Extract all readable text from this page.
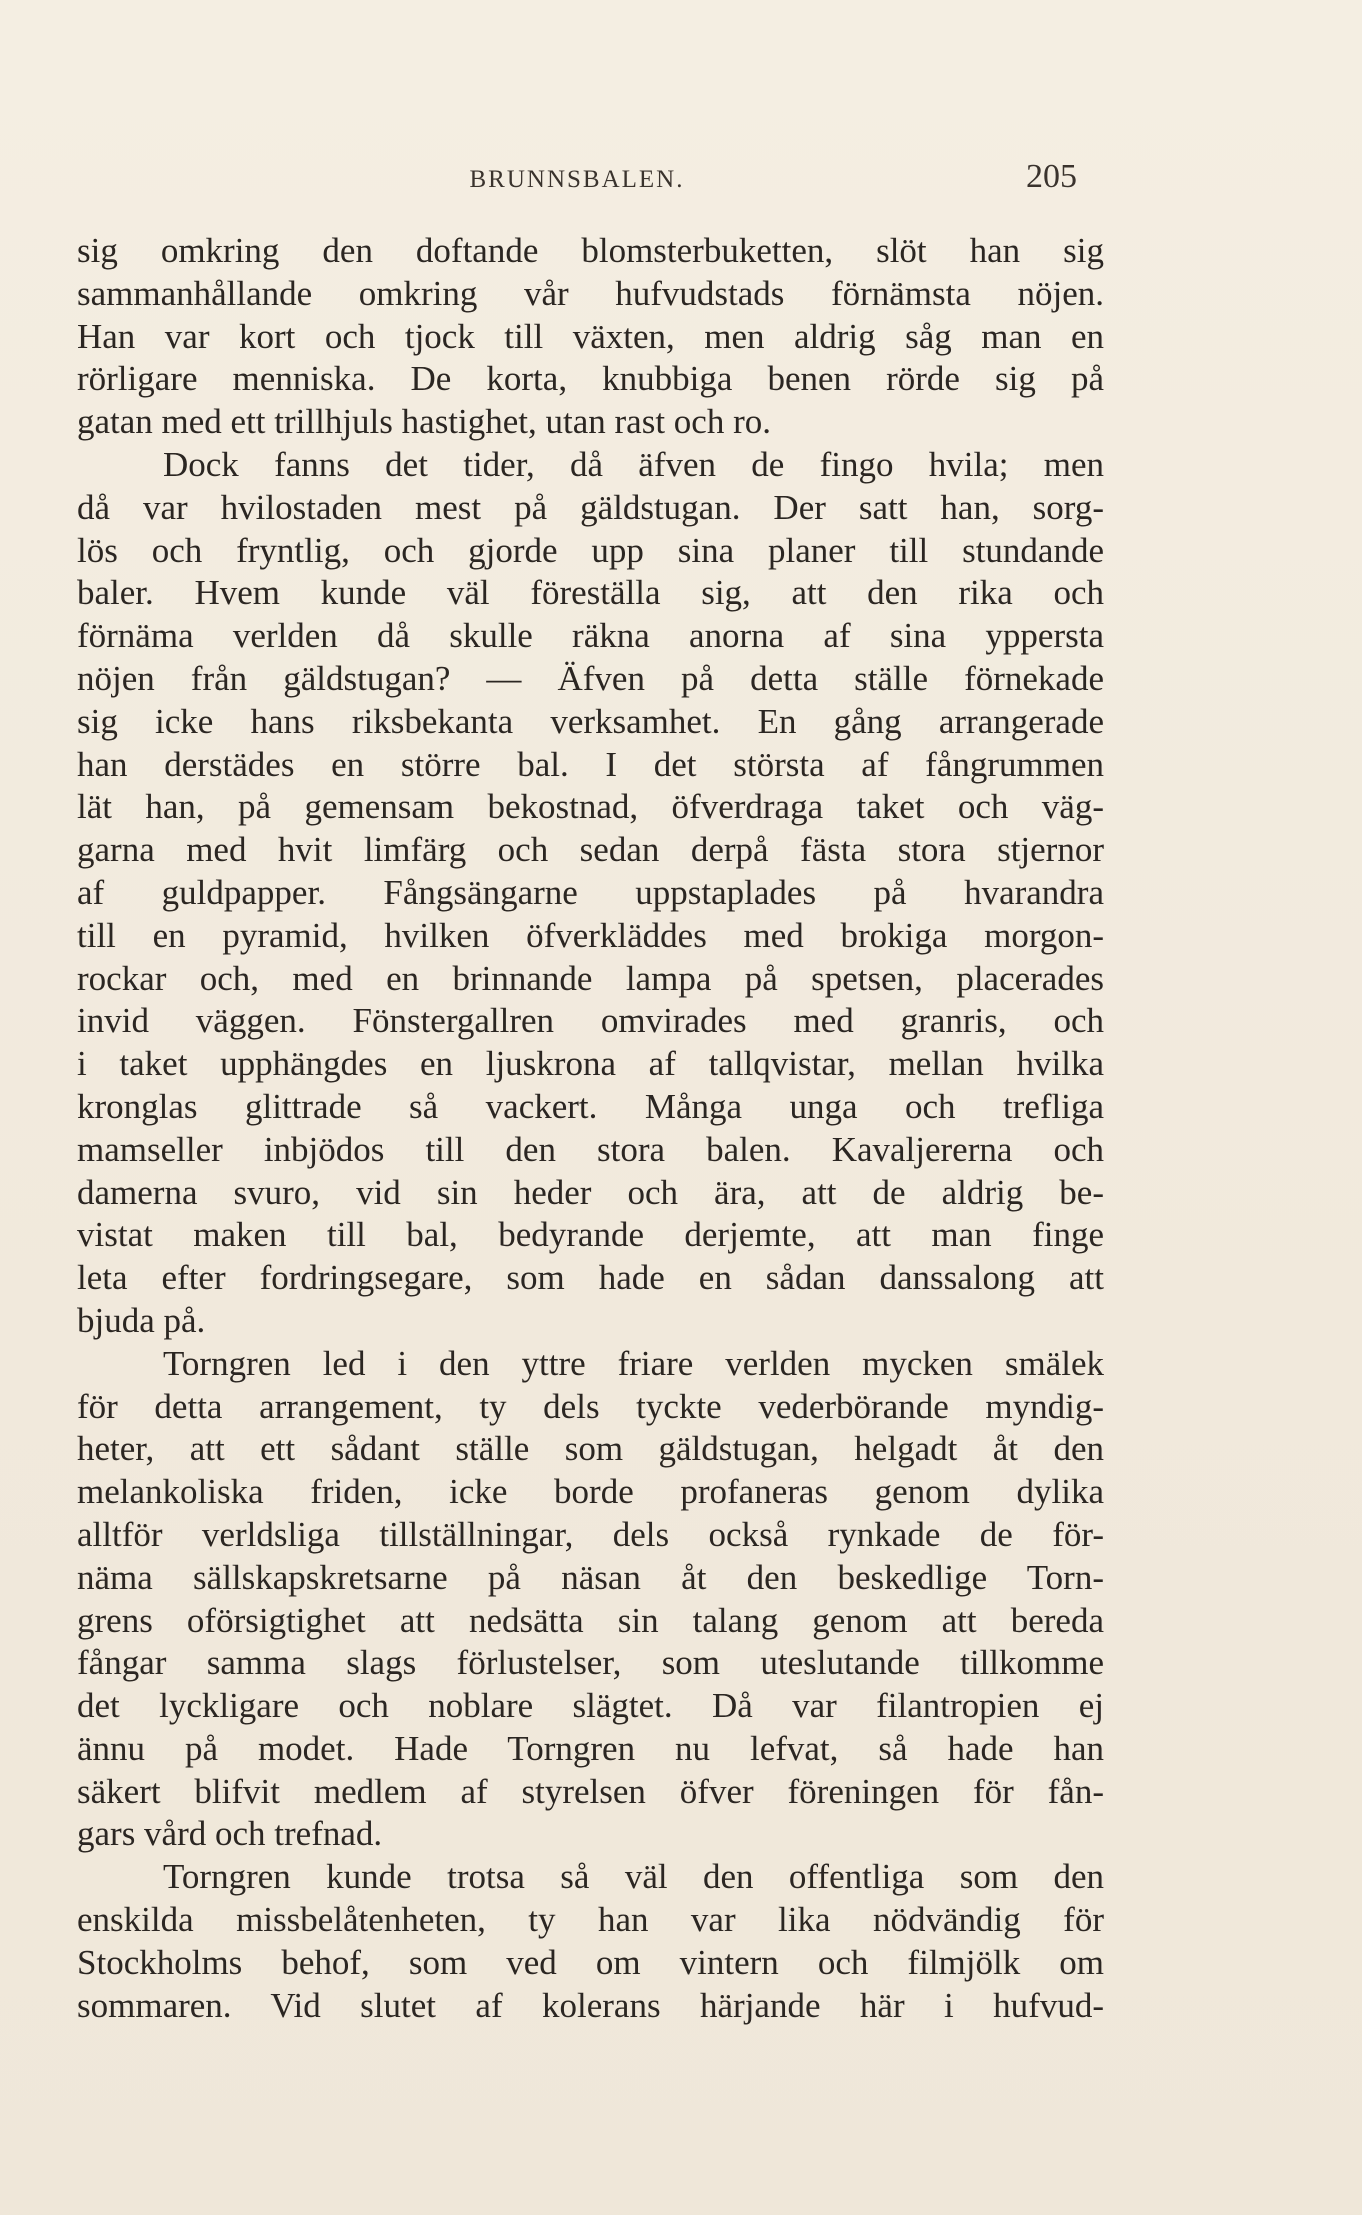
BRUNNSBALEN.	205
sig omkring den doftande blomsterbuketten, slöt han sig
sammanhållande omkring vår hufvudstads förnämsta nöjen.
Han var kort och tjock till växten, men aldrig såg man en
rörligare menniska. De korta, knubbiga benen rörde sig på
gatan med ett trillhjuls hastighet, utan rast och ro.
Dock fanns det tider, då äfven de fingo hvila; men
då var hvilostaden mest på gäldstugan. Der satt han, sorg-
lös och fryntlig, och gjorde upp sina planer till stundande
baler. Hvem kunde väl föreställa sig, att den rika och
förnäma verlden då skulle räkna anorna af sina yppersta
nöjen från gäldstugan? — Äfven på detta ställe förnekade
sig icke hans riksbekanta verksamhet. En gång arrangerade
han derstädes en större bal. I det största af fångrummen
lät han, på gemensam bekostnad, öfverdraga taket och väg-
garna med hvit limfärg och sedan derpå fästa stora stjernor
af guldpapper. Fångsängarne uppstaplades på hvarandra
till en pyramid, hvilken öfverkläddes med brokiga morgon-
rockar och, med en brinnande lampa på spetsen, placerades
invid väggen. Fönstergallren omvirades med granris, och
i taket upphängdes en ljuskrona af tallqvistar, mellan hvilka
kronglas glittrade så vackert. Många unga och trefliga
mamseller inbjödos till den stora balen. Kavaljererna och
damerna svuro, vid sin heder och ära, att de aldrig be-
vistat maken till bal, bedyrande derjemte, att man finge
leta efter fordringsegare, som hade en sådan danssalong att
bjuda på.
Torngren led i den yttre friare verlden mycken smälek
för detta arrangement, ty dels tyckte vederbörande myndig-
heter, att ett sådant ställe som gäldstugan, helgadt åt den
melankoliska friden, icke borde profaneras genom dylika
alltför verldsliga tillställningar, dels också rynkade de för-
näma sällskapskretsarne på näsan åt den beskedlige Torn-
grens oförsigtighet att nedsätta sin talang genom att bereda
fångar samma slags förlustelser, som uteslutande tillkomme
det lyckligare och noblare slägtet. Då var filantropien ej
ännu på modet. Hade Torngren nu lefvat, så hade han
säkert blifvit medlem af styrelsen öfver föreningen för fån-
gars vård och trefnad.
Torngren kunde trotsa så väl den offentliga som den
enskilda missbelåtenheten, ty han var lika nödvändig för
Stockholms behof, som ved om vintern och filmjölk om
sommaren. Vid slutet af kolerans härjande här i hufvud-
